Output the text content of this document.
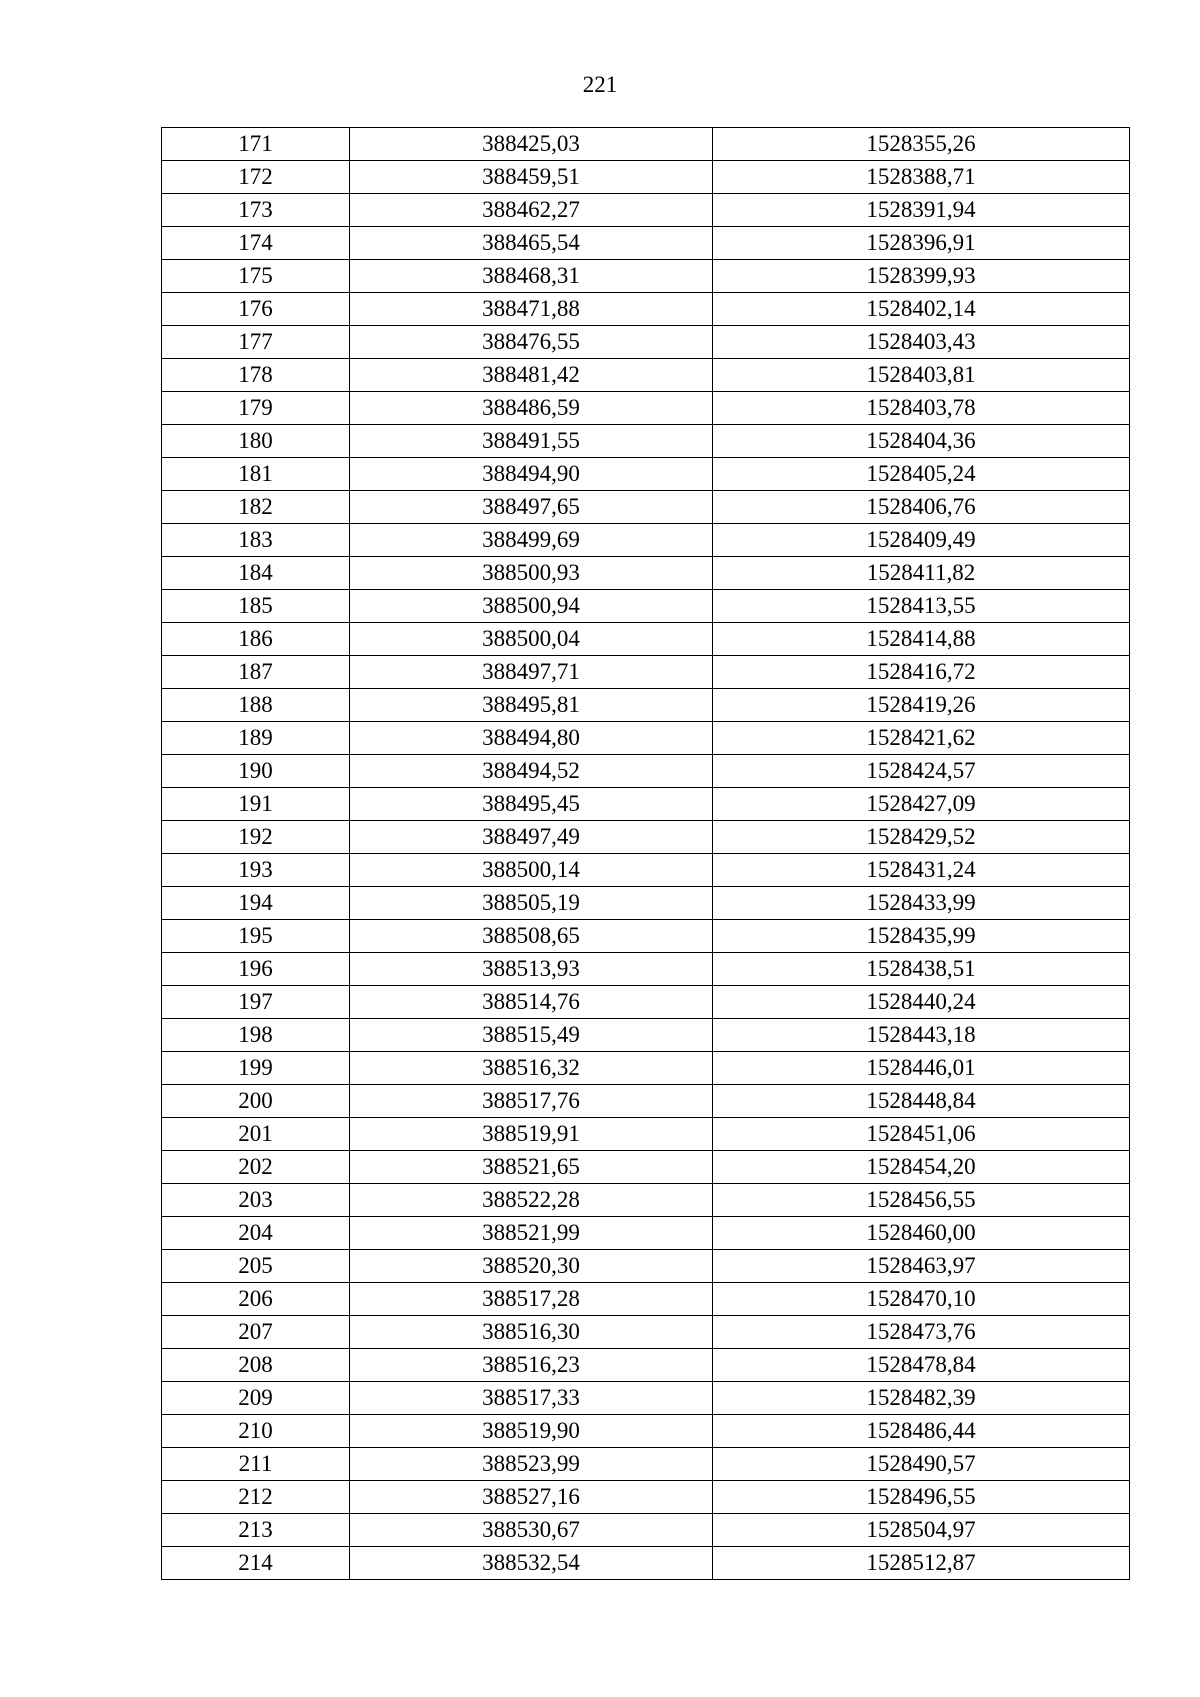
221
171	388425,03	1528355,26
172	388459,51	1528388,71
173	388462,27	1528391,94
174	388465,54	1528396,91
175	388468,31	1528399,93
176	388471,88	1528402,14
177	388476,55	1528403,43
178	388481,42	1528403,81
179	388486,59	1528403,78
180	388491,55	1528404,36
181	388494,90	1528405,24
182	388497,65	1528406,76
183	388499,69	1528409,49
184	388500,93	1528411,82
185	388500,94	1528413,55
186	388500,04	1528414,88
187	388497,71	1528416,72
188	388495,81	1528419,26
189	388494,80	1528421,62
190	388494,52	1528424,57
191	388495,45	1528427,09
192	388497,49	1528429,52
193	388500,14	1528431,24
194	388505,19	1528433,99
195	388508,65	1528435,99
196	388513,93	1528438,51
197	388514,76	1528440,24
198	388515,49	1528443,18
199	388516,32	1528446,01
200	388517,76	1528448,84
201	388519,91	1528451,06
202	388521,65	1528454,20
203	388522,28	1528456,55
204	388521,99	1528460,00
205	388520,30	1528463,97
206	388517,28	1528470,10
207	388516,30	1528473,76
208	388516,23	1528478,84
209	388517,33	1528482,39
210	388519,90	1528486,44
211	388523,99	1528490,57
212	388527,16	1528496,55
213	388530,67	1528504,97
214	388532,54	1528512,87
